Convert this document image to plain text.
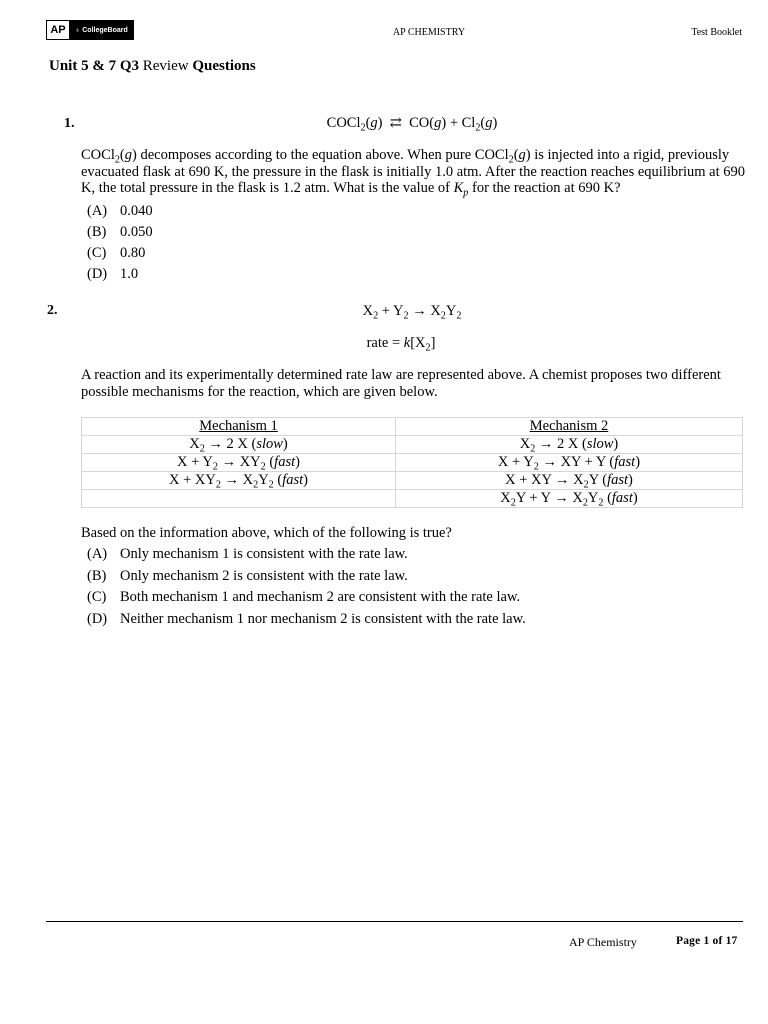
AP	♁ CollegeBoard	AP CHEMISTRY	Test Booklet
Unit 5 & 7 Q3 Review Questions
1.	COCl$_2$(g)  ⇄  $CO(g) + Cl_2(g)$
COCl$_2$(g) decomposes according to the equation above. When pure COCl$_2$(g) is injected into a rigid, previously evacuated flask at 690 K, the pressure in the flask is initially 1.0 atm. After the reaction reaches equilibrium at 690 K, the total pressure in the flask is 1.2 atm. What is the value of $K_p$ for the reaction at 690 K?
(A) 0.040
(B) 0.050
(C) 0.80
(D) 1.0
2.	$X_2 + Y_2 \to X_2Y_2$
rate = $k[X_2]$
A reaction and its experimentally determined rate law are represented above. A chemist proposes two different possible mechanisms for the reaction, which are given below.
Mechanism 1	Mechanism 2
$X_2 \to 2$ X (slow)	$X_2 \to 2$ X (slow)
$X + Y_2 \to XY_2$ (fast)	$X + Y_2$ → XY + Y (fast)
$X + XY_2 \to X_2Y_2$ (fast)	X + XY → $X_2Y$ (fast)
	$X_2Y + Y \to X_2Y_2$ (fast)
Based on the information above, which of the following is true?
(A) Only mechanism 1 is consistent with the rate law.
(B) Only mechanism 2 is consistent with the rate law.
(C) Both mechanism 1 and mechanism 2 are consistent with the rate law.
(D) Neither mechanism 1 nor mechanism 2 is consistent with the rate law.
AP Chemistry	Page 1 of 17
